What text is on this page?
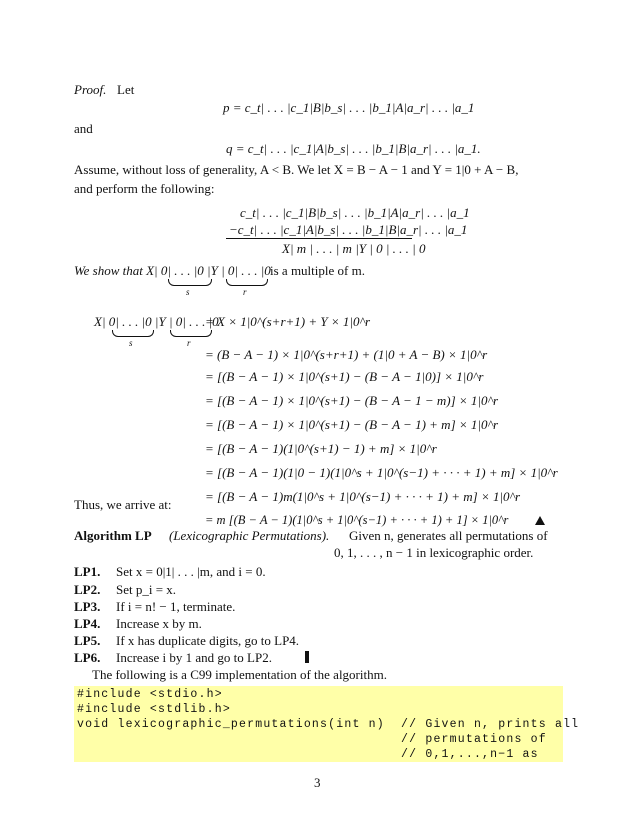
Proof. Let
p = c_t| . . . |c_1|B|b_s| . . . |b_1|A|a_r| . . . |a_1
and
q = c_t| . . . |c_1|A|b_s| . . . |b_1|B|a_r| . . . |a_1.
Assume, without loss of generality, A < B. We let X = B − A − 1 and Y = 1|0 + A − B,
and perform the following:
c_t| . . . |c_1|B|b_s| . . . |b_1|A|a_r| . . . |a_1
−c_t| . . . |c_1|A|b_s| . . . |b_1|B|a_r| . . . |a_1
X| m | . . . | m |Y | 0 | . . . | 0
We show that X| 0| . . . |0 |Y | 0| . . . |0 is a multiple of m.
s	r
X| 0| . . . |0 |Y | 0| . . . |0
s	r
= X × 1|0^(s+r+1) + Y × 1|0^r
= (B − A − 1) × 1|0^(s+r+1) + (1|0 + A − B) × 1|0^r
= [(B − A − 1) × 1|0^(s+1) − (B − A − 1|0)] × 1|0^r
= [(B − A − 1) × 1|0^(s+1) − (B − A − 1 − m)] × 1|0^r
= [(B − A − 1) × 1|0^(s+1) − (B − A − 1) + m] × 1|0^r
= [(B − A − 1)(1|0^(s+1) − 1) + m] × 1|0^r
= [(B − A − 1)(1|0 − 1)(1|0^s + 1|0^(s−1) + · · · + 1) + m] × 1|0^r
= [(B − A − 1)m(1|0^s + 1|0^(s−1) + · · · + 1) + m] × 1|0^r
= m [(B − A − 1)(1|0^s + 1|0^(s−1) + · · · + 1) + 1] × 1|0^r
Thus, we arrive at:
Algorithm LP (Lexicographic Permutations). Given n, generates all permutations of
0, 1, . . . , n − 1 in lexicographic order.
LP1. Set x = 0|1| . . . |m, and i = 0.
LP2. Set p_i = x.
LP3. If i = n! − 1, terminate.
LP4. Increase x by m.
LP5. If x has duplicate digits, go to LP4.
LP6. Increase i by 1 and go to LP2.
The following is a C99 implementation of the algorithm.
#include <stdio.h>
#include <stdlib.h>
void lexicographic_permutations(int n)  // Given n, prints all
// permutations of
// 0,1,...,n−1 as
3
